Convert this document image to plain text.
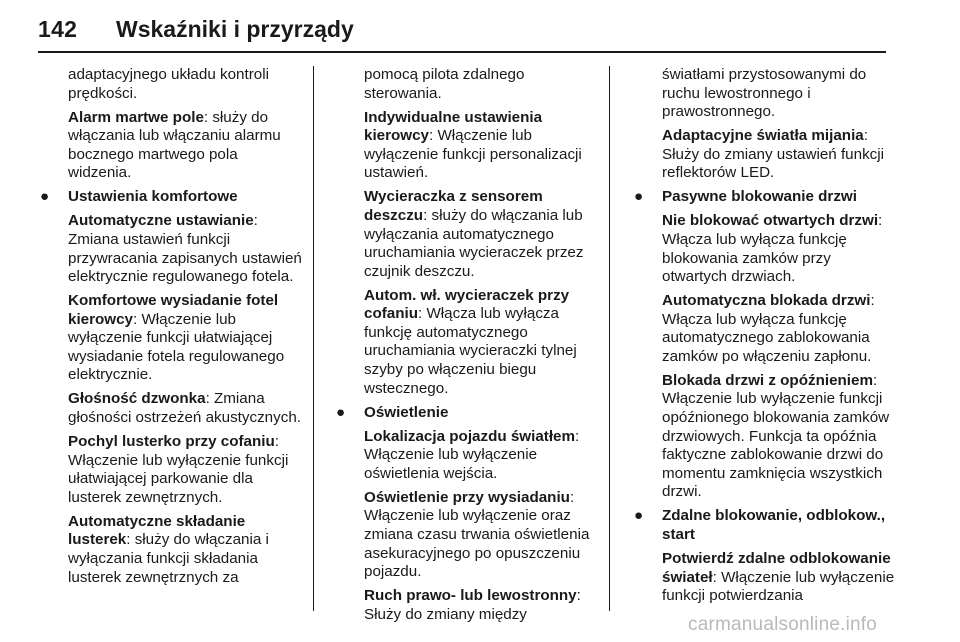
142 Wskaźniki i przyrządy

adaptacyjnego układu kontroli prędkości.

Alarm martwe pole: służy do włączania lub włączaniu alarmu bocznego martwego pola widzenia.

● Ustawienia komfortowe

Automatyczne ustawianie: Zmiana ustawień funkcji przywracania zapisanych ustawień elektrycznie regulowanego fotela.

Komfortowe wysiadanie fotel kierowcy: Włączenie lub wyłączenie funkcji ułatwiającej wysiadanie fotela regulowanego elektrycznie.

Głośność dzwonka: Zmiana głośności ostrzeżeń akustycznych.

Pochyl lusterko przy cofaniu: Włączenie lub wyłączenie funkcji ułatwiającej parkowanie dla lusterek zewnętrznych.

Automatyczne składanie lusterek: służy do włączania i wyłączania funkcji składania lusterek zewnętrznych za

pomocą pilota zdalnego sterowania.

Indywidualne ustawienia kierowcy: Włączenie lub wyłączenie funkcji personalizacji ustawień.

Wycieraczka z sensorem deszczu: służy do włączania lub wyłączania automatycznego uruchamiania wycieraczek przez czujnik deszczu.

Autom. wł. wycieraczek przy cofaniu: Włącza lub wyłącza funkcję automatycznego uruchamiania wycieraczki tylnej szyby po włączeniu biegu wstecznego.

● Oświetlenie

Lokalizacja pojazdu światłem: Włączenie lub wyłączenie oświetlenia wejścia.

Oświetlenie przy wysiadaniu: Włączenie lub wyłączenie oraz zmiana czasu trwania oświetlenia asekuracyjnego po opuszczeniu pojazdu.

Ruch prawo- lub lewostronny: Służy do zmiany między

światłami przystosowanymi do ruchu lewostronnego i prawostronnego.

Adaptacyjne światła mijania: Służy do zmiany ustawień funkcji reflektorów LED.

● Pasywne blokowanie drzwi

Nie blokować otwartych drzwi: Włącza lub wyłącza funkcję blokowania zamków przy otwartych drzwiach.

Automatyczna blokada drzwi: Włącza lub wyłącza funkcję automatycznego zablokowania zamków po włączeniu zapłonu.

Blokada drzwi z opóźnieniem: Włączenie lub wyłączenie funkcji opóźnionego blokowania zamków drzwiowych. Funkcja ta opóźnia faktyczne zablokowanie drzwi do momentu zamknięcia wszystkich drzwi.

● Zdalne blokowanie, odblokow., start

Potwierdź zdalne odblokowanie świateł: Włączenie lub wyłączenie funkcji potwierdzania

carmanualsonline.info
